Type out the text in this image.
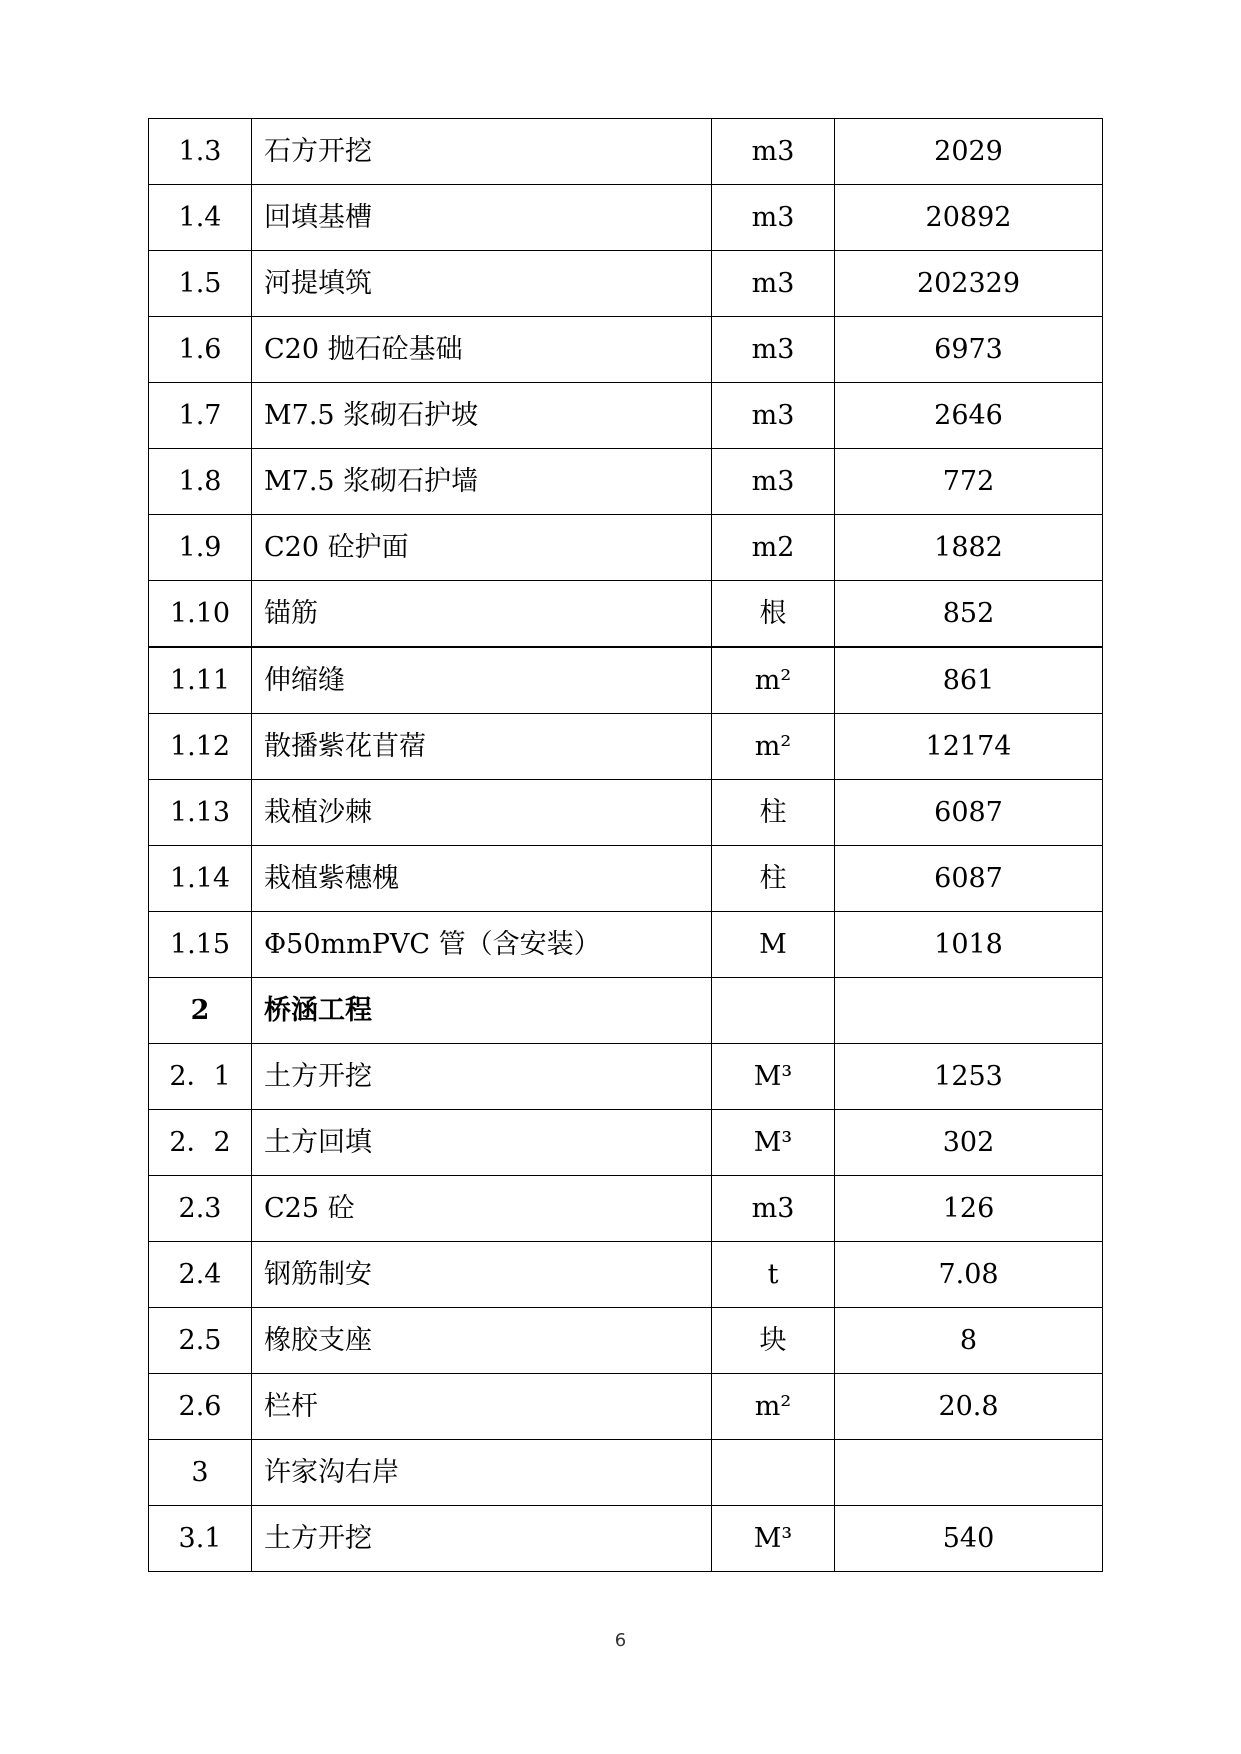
1.3	石方开挖	m3	2029
1.4	回填基槽	m3	20892
1.5	河提填筑	m3	202329
1.6	C20 抛石砼基础	m3	6973
1.7	M7.5 浆砌石护坡	m3	2646
1.8	M7.5 浆砌石护墙	m3	772
1.9	C20 砼护面	m2	1882
1.10	锚筋	根	852
1.11	伸缩缝	m²	861
1.12	散播紫花苜蓿	m²	12174
1.13	栽植沙棘	柱	6087
1.14	栽植紫穗槐	柱	6087
1.15	Φ50mmPVC 管（含安装）	M	1018
2	桥涵工程		
2．1	土方开挖	M³	1253
2．2	土方回填	M³	302
2.3	C25 砼	m3	126
2.4	钢筋制安	t	7.08
2.5	橡胶支座	块	8
2.6	栏杆	m²	20.8
3	许家沟右岸		
3.1	土方开挖	M³	540
6
